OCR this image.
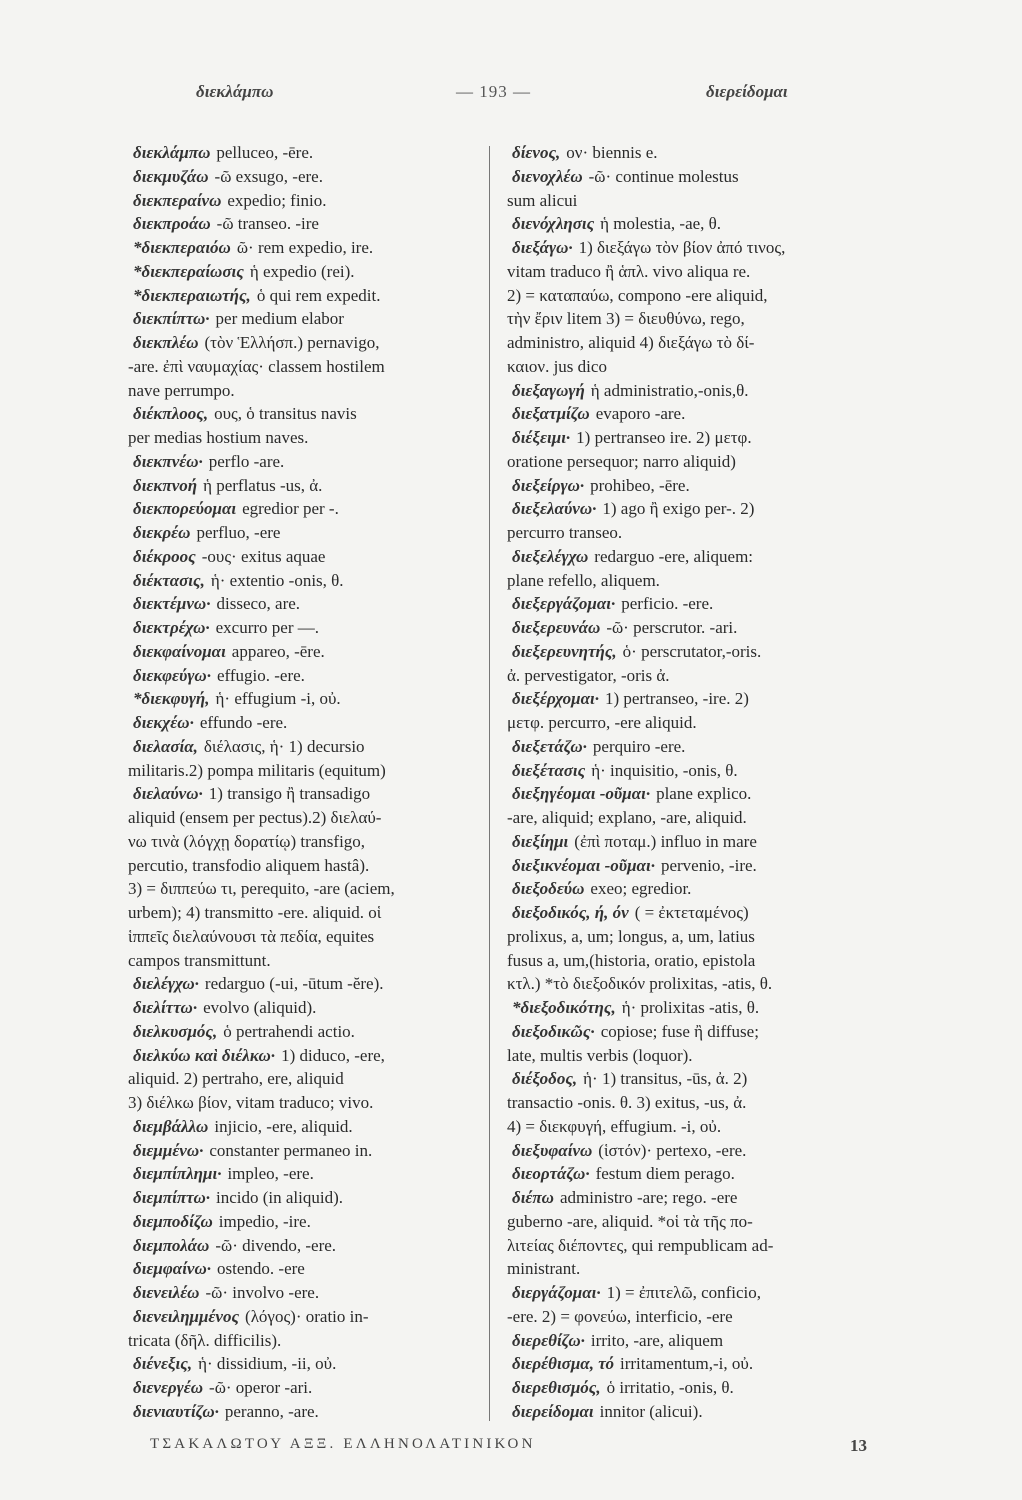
διεκλάμπω	— 193 —	διερείδομαι
διεκλάμπω pelluceo, -ēre.
διεκμυζάω -ῶ exsugo, -ere.
διεκπεραίνω expedio; finio.
διεκπροάω -ῶ transeo. -ire
*διεκπεραιόω ῶ· rem expedio, ire.
*διεκπεραίωσις ἡ expedio (rei).
*διεκπεραιωτής, ὁ qui rem expedit.
διεκπίπτω· per medium elabor
διεκπλέω (τὸν Ἑλλήσπ.) pernavigo,
-are. ἐπὶ ναυμαχίας· classem hostilem
nave perrumpo.
διέκπλοος, ους, ὁ transitus navis
per medias hostium naves.
διεκπνέω· perflo -are.
διεκπνοή ἡ perflatus -us, ἀ.
διεκπορεύομαι egredior per -.
διεκρέω perfluo, -ere
διέκροος -ους· exitus aquae
διέκτασις, ἡ· extentio -onis, θ.
διεκτέμνω· disseco, are.
διεκτρέχω· excurro per —.
διεκφαίνομαι appareo, -ēre.
διεκφεύγω· effugio. -ere.
*διεκφυγή, ἡ· effugium -i, οὐ.
διεκχέω· effundo -ere.
διελασία, διέλασις, ἡ· 1) decursio
militaris.2) pompa militaris (equitum)
διελαύνω· 1) transigo ἢ transadigo
aliquid (ensem per pectus).2) διελαύ-
νω τινὰ (λόγχῃ δορατίῳ) transfigo,
percutio, transfodio aliquem hastâ).
3) = διππεύω τι, perequito, -are (aciem,
urbem); 4) transmitto -ere. aliquid. οἱ
ἱππεῖς διελαύνουσι τὰ πεδία, equites
campos transmittunt.
διελέγχω· redarguo (-ui, -ūtum -ĕre).
διελίττω· evolvo (aliquid).
διελκυσμός, ὁ pertrahendi actio.
διελκύω καὶ διέλκω· 1) diduco, -ere,
aliquid. 2) pertraho, ere, aliquid
3) διέλκω βίον, vitam traduco; vivo.
διεμβάλλω injicio, -ere, aliquid.
διεμμένω· constanter permaneo in.
διεμπίπλημι· impleo, -ere.
διεμπίπτω· incido (in aliquid).
διεμποδίζω impedio, -ire.
διεμπολάω -ῶ· divendo, -ere.
διεμφαίνω· ostendo. -ere
διενειλέω -ῶ· involvo -ere.
διενειλημμένος (λόγος)· oratio in-
tricata (δῆλ. difficilis).
διένεξις, ἡ· dissidium, -ii, οὐ.
διενεργέω -ῶ· operor -ari.
διενιαυτίζω· peranno, -are.
δίενος, ον· biennis e.
διενοχλέω -ῶ· continue molestus
sum alicui
διενόχλησις ἡ molestia, -ae, θ.
διεξάγω· 1) διεξάγω τὸν βίον ἀπό τινος,
vitam traduco ἢ ἁπλ. vivo aliqua re.
2) = καταπαύω, compono -ere aliquid,
τὴν ἔριν litem 3) = διευθύνω, rego,
administro, aliquid 4) διεξάγω τὸ δί-
καιον. jus dico
διεξαγωγή ἡ administratio,-onis,θ.
διεξατμίζω evaporo -are.
διέξειμι· 1) pertranseo ire. 2) μετφ.
oratione persequor; narro aliquid)
διεξείργω· prohibeo, -ēre.
διεξελαύνω· 1) ago ἢ exigo per-. 2)
percurro transeo.
διεξελέγχω redarguo -ere, aliquem:
plane refello, aliquem.
διεξεργάζομαι· perficio. -ere.
διεξερευνάω -ῶ· perscrutor. -ari.
διεξερευνητής, ὁ· perscrutator,-oris.
ἀ. pervestigator, -oris ἀ.
διεξέρχομαι· 1) pertranseo, -ire. 2)
μετφ. percurro, -ere aliquid.
διεξετάζω· perquiro -ere.
διεξέτασις ἡ· inquisitio, -onis, θ.
διεξηγέομαι -οῦμαι· plane explico.
-are, aliquid; explano, -are, aliquid.
διεξίημι (ἐπὶ ποταμ.) influo in mare
διεξικνέομαι -οῦμαι· pervenio, -ire.
διεξοδεύω exeo; egredior.
διεξοδικός, ή, όν ( = ἐκτεταμένος)
prolixus, a, um; longus, a, um, latius
fusus a, um,(historia, oratio, epistola
κτλ.) *τὸ διεξοδικόν prolixitas, -atis, θ.
*διεξοδικότης, ἡ· prolixitas -atis, θ.
διεξοδικῶς· copiose; fuse ἢ diffuse;
late, multis verbis (loquor).
διέξοδος, ἡ· 1) transitus, -ūs, ἀ. 2)
transactio -onis. θ. 3) exitus, -us, ἀ.
4) = διεκφυγή, effugium. -i, οὐ.
διεξυφαίνω (ἱστόν)· pertexo, -ere.
διεορτάζω· festum diem perago.
διέπω administro -are; rego. -ere
guberno -are, aliquid. *οἱ τὰ τῆς πο-
λιτείας διέποντες, qui rempublicam ad-
ministrant.
διεργάζομαι· 1) = ἐπιτελῶ, conficio,
-ere. 2) = φονεύω, interficio, -ere
διερεθίζω· irrito, -are, aliquem
διερέθισμα, τό irritamentum,-i, οὐ.
διερεθισμός, ὁ irritatio, -onis, θ.
διερείδομαι innitor (alicui).
ΤΣΑΚΑΛΩΤΟΥ ΑΞΞ. ΕΛΛΗΝΟΛΑΤΙΝΙΚΟΝ	13
